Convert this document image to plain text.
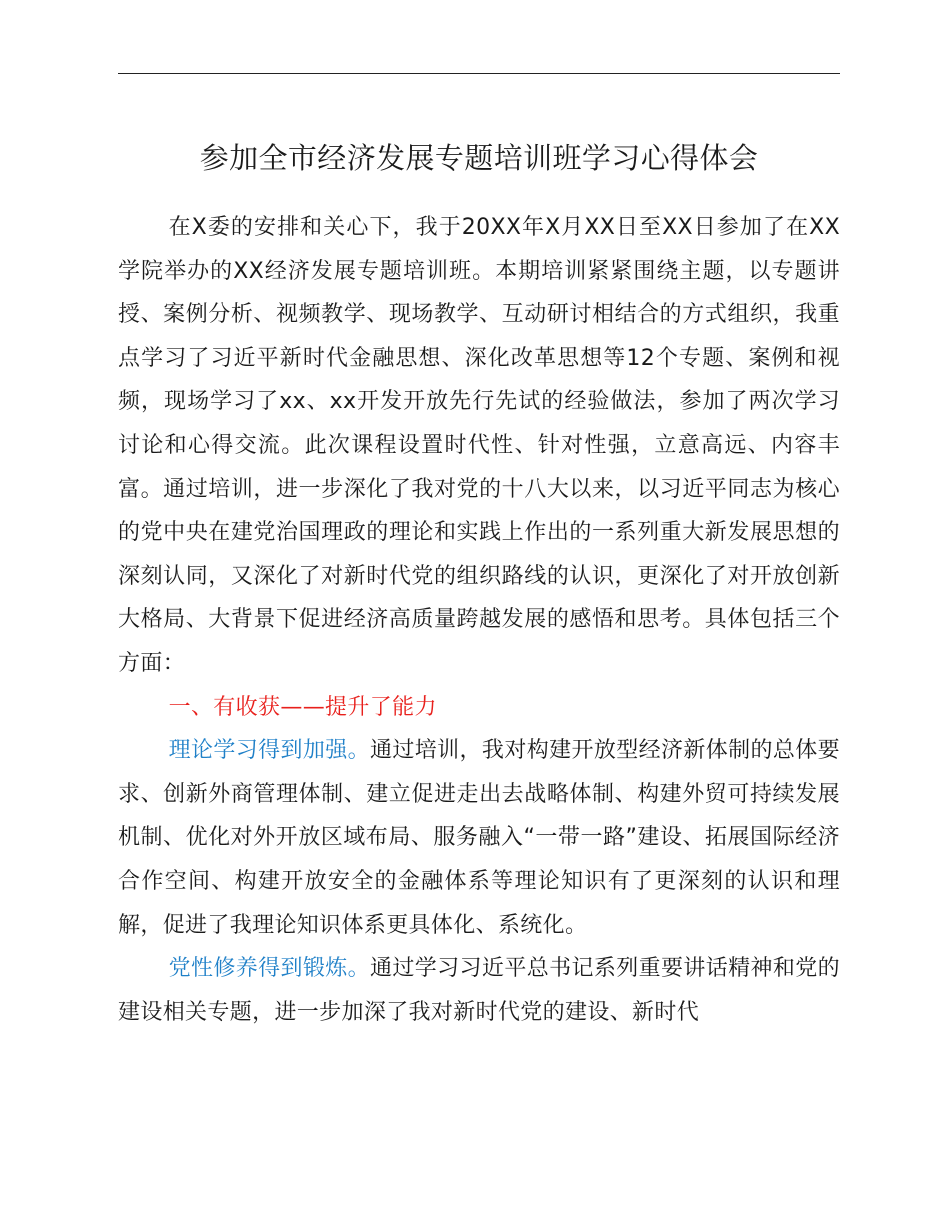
参加全市经济发展专题培训班学习心得体会

在X委的安排和关心下，我于20XX年X月XX日至XX日参加了在XX学院举办的XX经济发展专题培训班。本期培训紧紧围绕主题，以专题讲授、案例分析、视频教学、现场教学、互动研讨相结合的方式组织，我重点学习了习近平新时代金融思想、深化改革思想等12个专题、案例和视频，现场学习了xx、xx开发开放先行先试的经验做法，参加了两次学习讨论和心得交流。此次课程设置时代性、针对性强，立意高远、内容丰富。通过培训，进一步深化了我对党的十八大以来，以习近平同志为核心的党中央在建党治国理政的理论和实践上作出的一系列重大新发展思想的深刻认同，又深化了对新时代党的组织路线的认识，更深化了对开放创新大格局、大背景下促进经济高质量跨越发展的感悟和思考。具体包括三个方面：

一、有收获——提升了能力

理论学习得到加强。通过培训，我对构建开放型经济新体制的总体要求、创新外商管理体制、建立促进走出去战略体制、构建外贸可持续发展机制、优化对外开放区域布局、服务融入“一带一路”建设、拓展国际经济合作空间、构建开放安全的金融体系等理论知识有了更深刻的认识和理解，促进了我理论知识体系更具体化、系统化。

党性修养得到锻炼。通过学习习近平总书记系列重要讲话精神和党的建设相关专题，进一步加深了我对新时代党的建设、新时代
